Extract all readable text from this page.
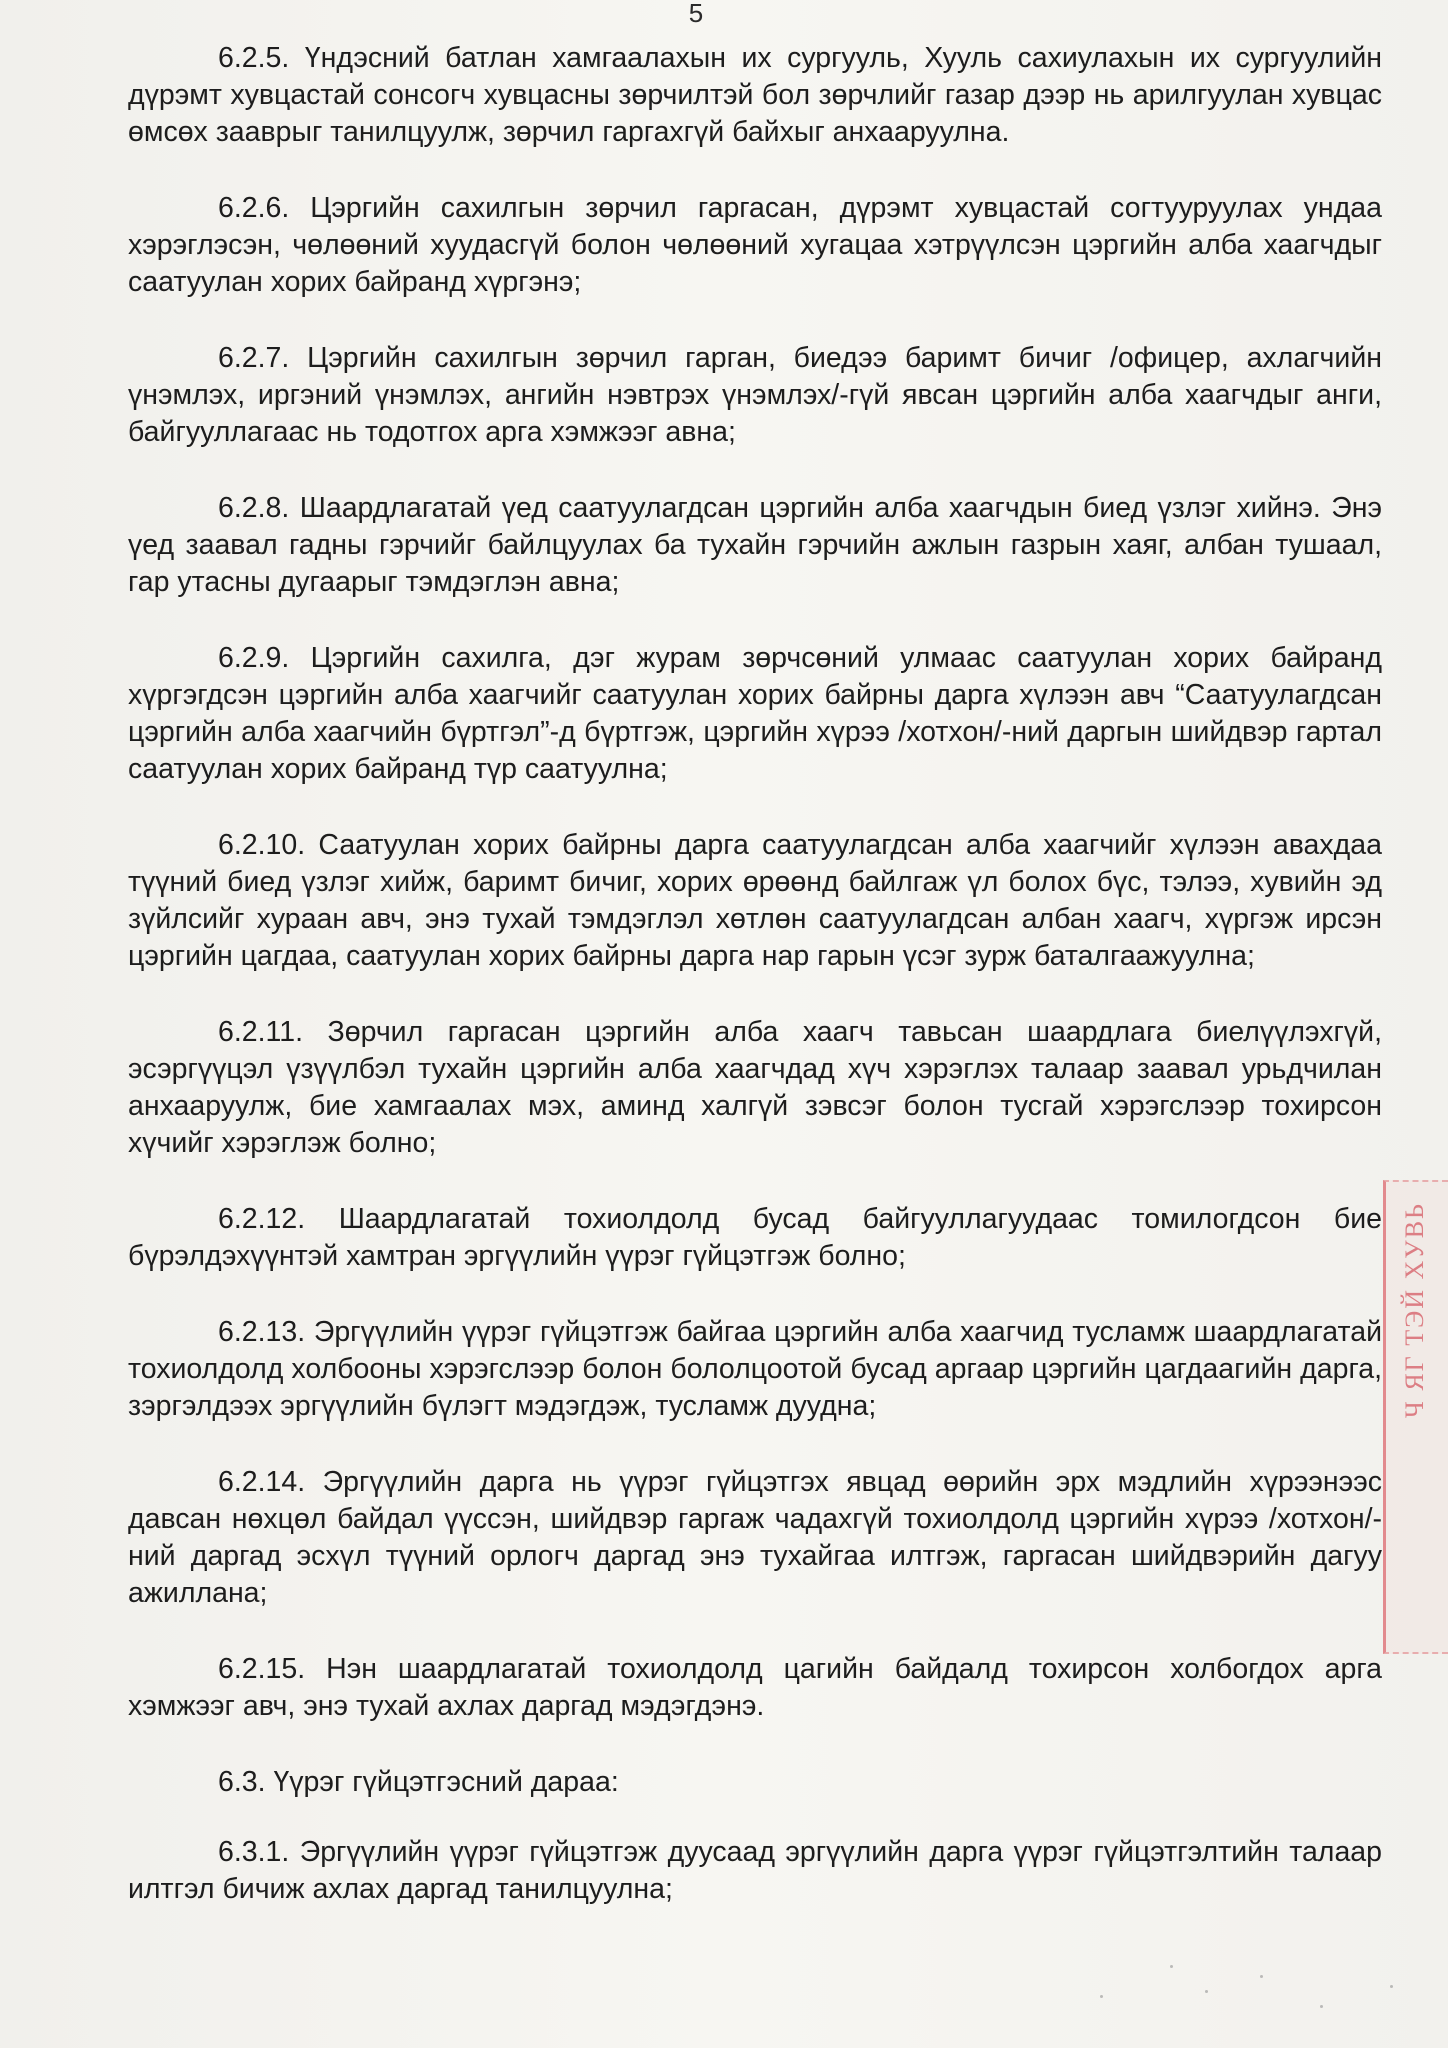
5

6.2.5. Үндэсний батлан хамгаалахын их сургууль, Хууль сахиулахын их сургуулийн дүрэмт хувцастай сонсогч хувцасны зөрчилтэй бол зөрчлийг газар дээр нь арилгуулан хувцас өмсөх зааврыг танилцуулж, зөрчил гаргахгүй байхыг анхааруулна.

6.2.6. Цэргийн сахилгын зөрчил гаргасан, дүрэмт хувцастай согтууруулах ундаа хэрэглэсэн, чөлөөний хуудасгүй болон чөлөөний хугацаа хэтрүүлсэн цэргийн алба хаагчдыг саатуулан хорих байранд хүргэнэ;

6.2.7. Цэргийн сахилгын зөрчил гарган, биедээ баримт бичиг /офицер, ахлагчийн үнэмлэх, иргэний үнэмлэх, ангийн нэвтрэх үнэмлэх/-гүй явсан цэргийн алба хаагчдыг анги, байгууллагаас нь тодотгох арга хэмжээг авна;

6.2.8. Шаардлагатай үед саатуулагдсан цэргийн алба хаагчдын биед үзлэг хийнэ. Энэ үед заавал гадны гэрчийг байлцуулах ба тухайн гэрчийн ажлын газрын хаяг, албан тушаал, гар утасны дугаарыг тэмдэглэн авна;

6.2.9. Цэргийн сахилга, дэг журам зөрчсөний улмаас саатуулан хорих байранд хүргэгдсэн цэргийн алба хаагчийг саатуулан хорих байрны дарга хүлээн авч “Саатуулагдсан цэргийн алба хаагчийн бүртгэл”-д бүртгэж, цэргийн хүрээ /хотхон/-ний даргын шийдвэр гартал саатуулан хорих байранд түр саатуулна;

6.2.10. Саатуулан хорих байрны дарга саатуулагдсан алба хаагчийг хүлээн авахдаа түүний биед үзлэг хийж, баримт бичиг, хорих өрөөнд байлгаж үл болох бүс, тэлээ, хувийн эд зүйлсийг хураан авч, энэ тухай тэмдэглэл хөтлөн саатуулагдсан албан хаагч, хүргэж ирсэн цэргийн цагдаа, саатуулан хорих байрны дарга нар гарын үсэг зурж баталгаажуулна;

6.2.11. Зөрчил гаргасан цэргийн алба хаагч тавьсан шаардлага биелүүлэхгүй, эсэргүүцэл үзүүлбэл тухайн цэргийн алба хаагчдад хүч хэрэглэх талаар заавал урьдчилан анхааруулж, бие хамгаалах мэх, аминд халгүй зэвсэг болон тусгай хэрэгслээр тохирсон хүчийг хэрэглэж болно;

6.2.12. Шаардлагатай тохиолдолд бусад байгууллагуудаас томилогдсон бие бүрэлдэхүүнтэй хамтран эргүүлийн үүрэг гүйцэтгэж болно;

6.2.13. Эргүүлийн үүрэг гүйцэтгэж байгаа цэргийн алба хаагчид тусламж шаардлагатай тохиолдолд холбооны хэрэгслээр болон бололцоотой бусад аргаар цэргийн цагдаагийн дарга, зэргэлдээх эргүүлийн бүлэгт мэдэгдэж, тусламж дуудна;

6.2.14. Эргүүлийн дарга нь үүрэг гүйцэтгэх явцад өөрийн эрх мэдлийн хүрээнээс давсан нөхцөл байдал үүссэн, шийдвэр гаргаж чадахгүй тохиолдолд цэргийн хүрээ /хотхон/-ний даргад эсхүл түүний орлогч даргад энэ тухайгаа илтгэж, гаргасан шийдвэрийн дагуу ажиллана;

6.2.15. Нэн шаардлагатай тохиолдолд цагийн байдалд тохирсон холбогдох арга хэмжээг авч, энэ тухай ахлах даргад мэдэгдэнэ.

6.3. Үүрэг гүйцэтгэсний дараа:

6.3.1. Эргүүлийн үүрэг гүйцэтгэж дуусаад эргүүлийн дарга үүрэг гүйцэтгэлтийн талаар илтгэл бичиж ахлах даргад танилцуулна;

Ч ЯГ ТЭЙ ХУВЬ
